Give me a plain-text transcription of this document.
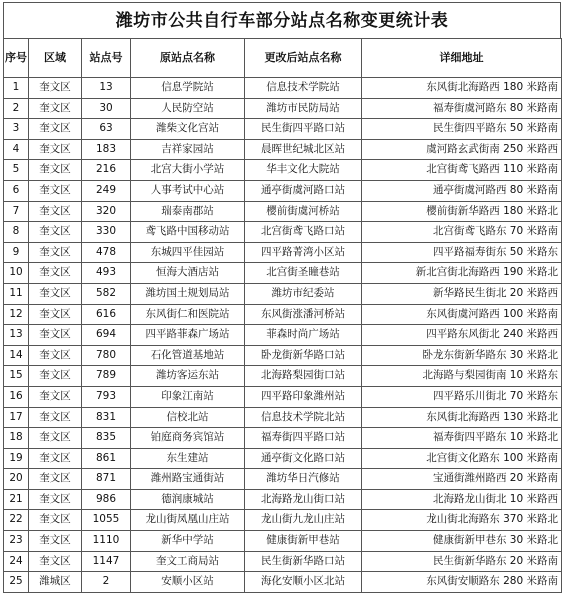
潍坊市公共自行车部分站点名称变更统计表
序号	区域	站点号	原站点名称	更改后站点名称	详细地址
1	奎文区	13	信息学院站	信息技术学院站	东风街北海路西 180 米路南
2	奎文区	30	人民防空站	潍坊市民防局站	福寿街虞河路东 80 米路南
3	奎文区	63	潍柴文化宫站	民生街四平路口站	民生街四平路东 50 米路南
4	奎文区	183	吉祥家园站	晨晖世纪城北区站	虞河路玄武街南 250 米路西
5	奎文区	216	北宫大街小学站	华丰文化大院站	北宫街鸢飞路西 110 米路南
6	奎文区	249	人事考试中心站	通亭街虞河路口站	通亭街虞河路西 80 米路南
7	奎文区	320	瑞泰南郡站	樱前街虞河桥站	樱前街新华路西 180 米路北
8	奎文区	330	鸢飞路中国移动站	北宫街鸢飞路口站	北宫街鸢飞路东 70 米路南
9	奎文区	478	东城四平佳园站	四平路菁湾小区站	四平路福寿街东 50 米路东
10	奎文区	493	恒海大酒店站	北宫街圣瞳巷站	新北宫街北海路西 190 米路北
11	奎文区	582	潍坊国土规划局站	潍坊市纪委站	新华路民生街北 20 米路西
12	奎文区	616	东风街仁和医院站	东风街涨潘河桥站	东风街虞河路西 100 米路南
13	奎文区	694	四平路菲森广场站	菲森时尚广场站	四平路东风街北 240 米路西
14	奎文区	780	石化管道基地站	卧龙街新华路口站	卧龙东街新华路东 30 米路北
15	奎文区	789	潍坊客运东站	北海路梨园街口站	北海路与梨园街南 10 米路东
16	奎文区	793	印象江南站	四平路印象潍州站	四平路乐川街北 70 米路东
17	奎文区	831	信校北站	信息技术学院北站	东风街北海路西 130 米路北
18	奎文区	835	铂庭商务宾馆站	福寿街四平路口站	福寿街四平路东 10 米路北
19	奎文区	861	东生建站	通亭街文化路口站	北宫街文化路东 100 米路南
20	奎文区	871	潍州路宝通街站	潍坊华日汽修站	宝通街潍州路西 20 米路南
21	奎文区	986	德润康城站	北海路龙山街口站	北海路龙山街北 10 米路西
22	奎文区	1055	龙山街凤凰山庄站	龙山街九龙山庄站	龙山街北海路东 370 米路北
23	奎文区	1110	新华中学站	健康街新甲巷站	健康街新甲巷东 30 米路北
24	奎文区	1147	奎文工商局站	民生街新华路口站	民生街新华路东 20 米路南
25	潍城区	2	安顺小区站	海化安顺小区北站	东风街安顺路东 280 米路南
